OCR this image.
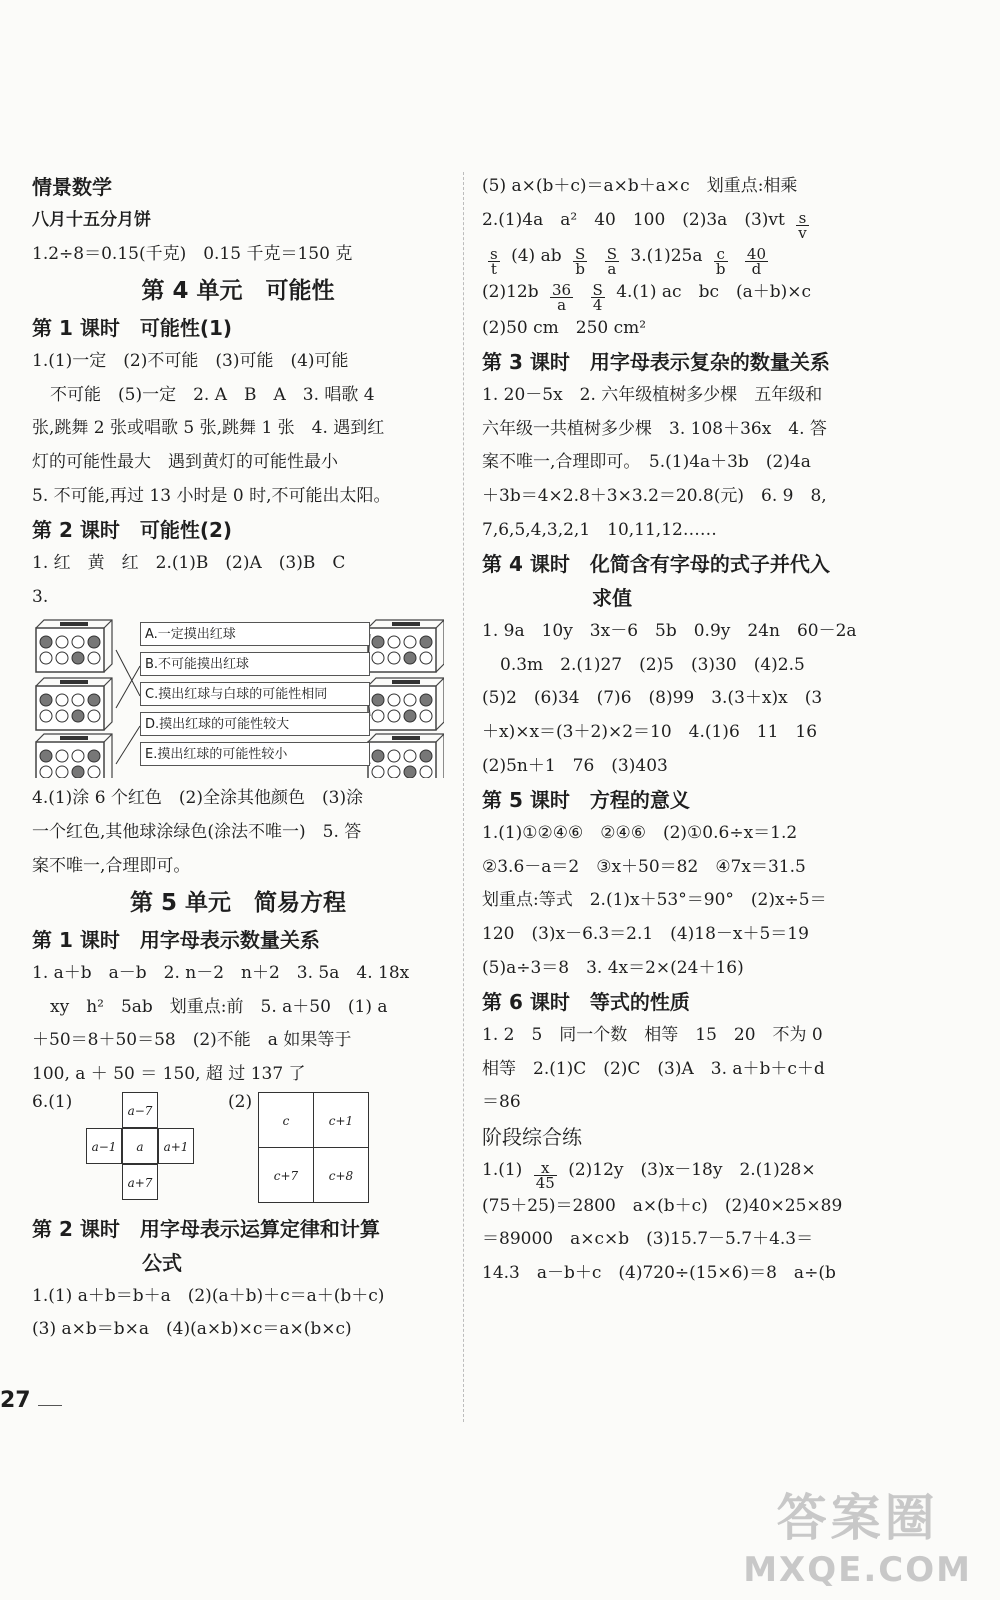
情景数学
八月十五分月饼
1.2÷8＝0.15(千克)　0.15 千克＝150 克
第 4 单元　可能性
第 1 课时　可能性(1)
1.(1)一定　(2)不可能　(3)可能　(4)可能
不可能　(5)一定　2. A　B　A　3. 唱歌 4
张,跳舞 2 张或唱歌 5 张,跳舞 1 张　4. 遇到红
灯的可能性最大　遇到黄灯的可能性最小
5. 不可能,再过 13 小时是 0 时,不可能出太阳。
第 2 课时　可能性(2)
1. 红　黄　红　2.(1)B　(2)A　(3)B　C
3.
A.一定摸出红球
B.不可能摸出红球
C.摸出红球与白球的可能性相同
D.摸出红球的可能性较大
E.摸出红球的可能性较小
4.(1)涂 6 个红色　(2)全涂其他颜色　(3)涂
一个红色,其他球涂绿色(涂法不唯一)　5. 答
案不唯一,合理即可。
第 5 单元　简易方程
第 1 课时　用字母表示数量关系
1. a＋b　a－b　2. n－2　n＋2　3. 5a　4. 18x
xy　h²　5ab　划重点:前　5. a＋50　(1) a
＋50＝8＋50＝58　(2)不能　a 如果等于
100, a ＋ 50 ＝ 150, 超 过 137 了
6.(1)	(2)
a−7
a−1	a	a+1
a+7
c	c+1
c+7	c+8
第 2 课时　用字母表示运算定律和计算
公式
1.(1) a＋b＝b＋a　(2)(a＋b)＋c＝a＋(b＋c)
(3) a×b＝b×a　(4)(a×b)×c＝a×(b×c)
(5) a×(b＋c)＝a×b＋a×c　划重点:相乘
2.(1)4a　a²　40　100　(2)3a　$(3)vt \frac{s}{v}$
$\frac{s}{t} (4)$ ab $\frac{S}{b}$
$\frac{S}{a} 3.(1)25a \frac{c}{b}$
$\frac{40}{d}$
$(2)12b \frac{36}{a}$
$\frac{S}{4} 4.(1)$ ac　bc　(a＋b)×c
(2)50 cm　250 cm²
第 3 课时　用字母表示复杂的数量关系
1. 20－5x　2. 六年级植树多少棵　五年级和
六年级一共植树多少棵　3. 108＋36x　4. 答
案不唯一,合理即可。　5.(1)4a＋3b　(2)4a
＋3b＝4×2.8＋3×3.2＝20.8(元)　6. 9　8,
7,6,5,4,3,2,1　10,11,12……
第 4 课时　化简含有字母的式子并代入
求值
1. 9a　10y　3x－6　5b　0.9y　24n　60－2a
0.3m　2.(1)27　(2)5　(3)30　(4)2.5
(5)2　(6)34　(7)6　(8)99　3.(3＋x)x　(3
＋x)×x＝(3＋2)×2＝10　4.(1)6　11　16
(2)5n＋1　76　(3)403
第 5 课时　方程的意义
1.(1)①②④⑥　②④⑥　(2)①0.6÷x＝1.2
②3.6－a＝2　③x＋50＝82　④7x＝31.5
划重点:等式　2.(1)x＋53°＝90°　(2)x÷5＝
120　(3)x－6.3＝2.1　(4)18－x＋5＝19
(5)a÷3＝8　3. 4x＝2×(24＋16)
第 6 课时　等式的性质
1. 2　5　同一个数　相等　15　20　不为 0
相等　2.(1)C　(2)C　(3)A　3. a＋b＋c＋d
＝86
阶段综合练
$1.(1) \frac{x}{45} (2)12y$　(3)x－18y　2.(1)28×
(75＋25)＝2800　a×(b＋c)　(2)40×25×89
＝89000　a×c×b　(3)15.7－5.7＋4.3＝
14.3　a－b＋c　(4)720÷(15×6)＝8　a÷(b
27
答案圈
MXQE.COM
